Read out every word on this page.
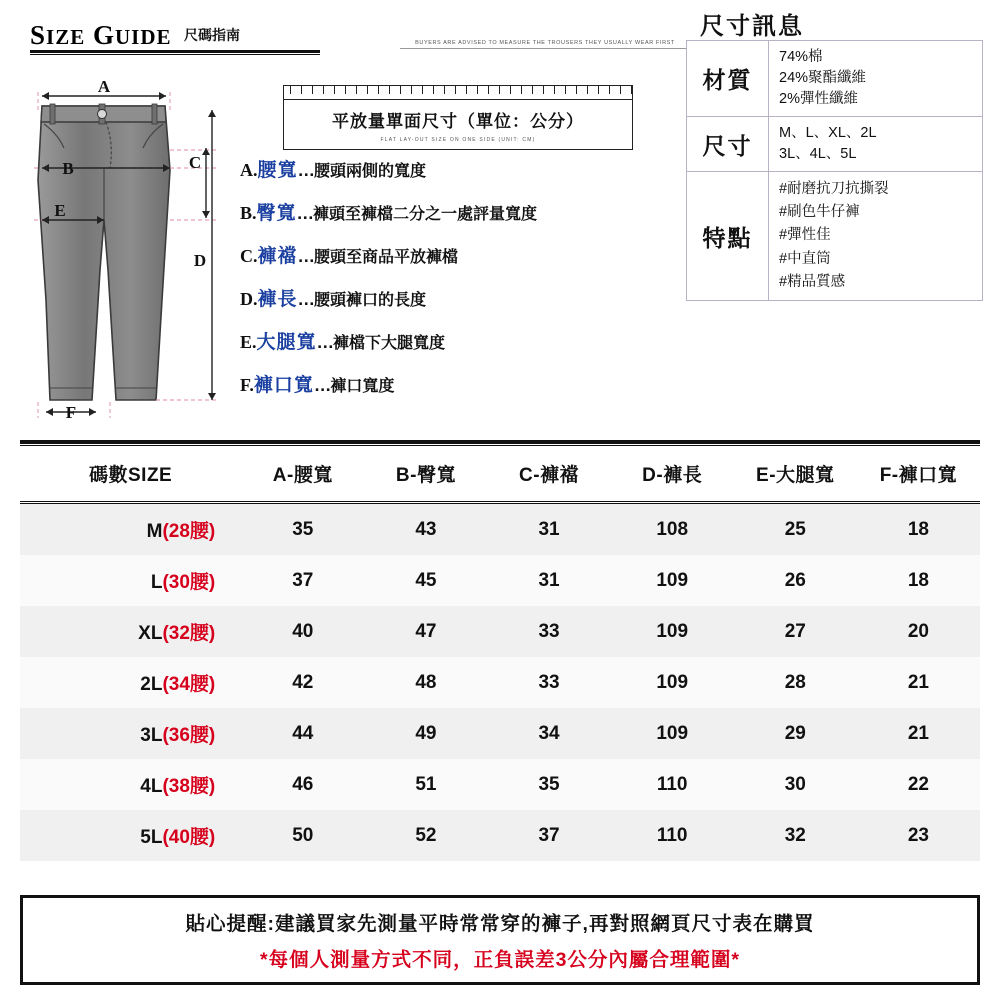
SIZE GUIDE 尺碼指南	BUYERS ARE ADVISED TO MEASURE THE TROUSERS THEY USUALLY WEAR FIRST
A
B	C
E
D
F
平放量單面尺寸（單位：公分）
FLAT LAY-OUT SIZE ON ONE SIDE (UNIT: CM)
A.腰寬…腰頭兩側的寬度
B.臀寬…褲頭至褲檔二分之一處評量寬度
C.褲襠…腰頭至商品平放褲檔
D.褲長…腰頭褲口的長度
E.大腿寬…褲檔下大腿寬度
F.褲口寬…褲口寬度
尺寸訊息
材質	74%棉
24%聚酯纖維
2%彈性纖維

尺寸	M、L、XL、2L
3L、4L、5L

特點	#耐磨抗刀抗撕裂
#刷色牛仔褲
#彈性佳
#中直筒
#精品質感
碼數SIZE	A-腰寬	B-臀寬	C-褲襠	D-褲長	E-大腿寬	F-褲口寬
M(28腰)	35	43	31	108	25	18
L(30腰)	37	45	31	109	26	18
XL(32腰)	40	47	33	109	27	20
2L(34腰)	42	48	33	109	28	21
3L(36腰)	44	49	34	109	29	21
4L(38腰)	46	51	35	110	30	22
5L(40腰)	50	52	37	110	32	23
貼心提醒:建議買家先測量平時常常穿的褲子,再對照網頁尺寸表在購買
*每個人測量方式不同，正負誤差3公分內屬合理範圍*
